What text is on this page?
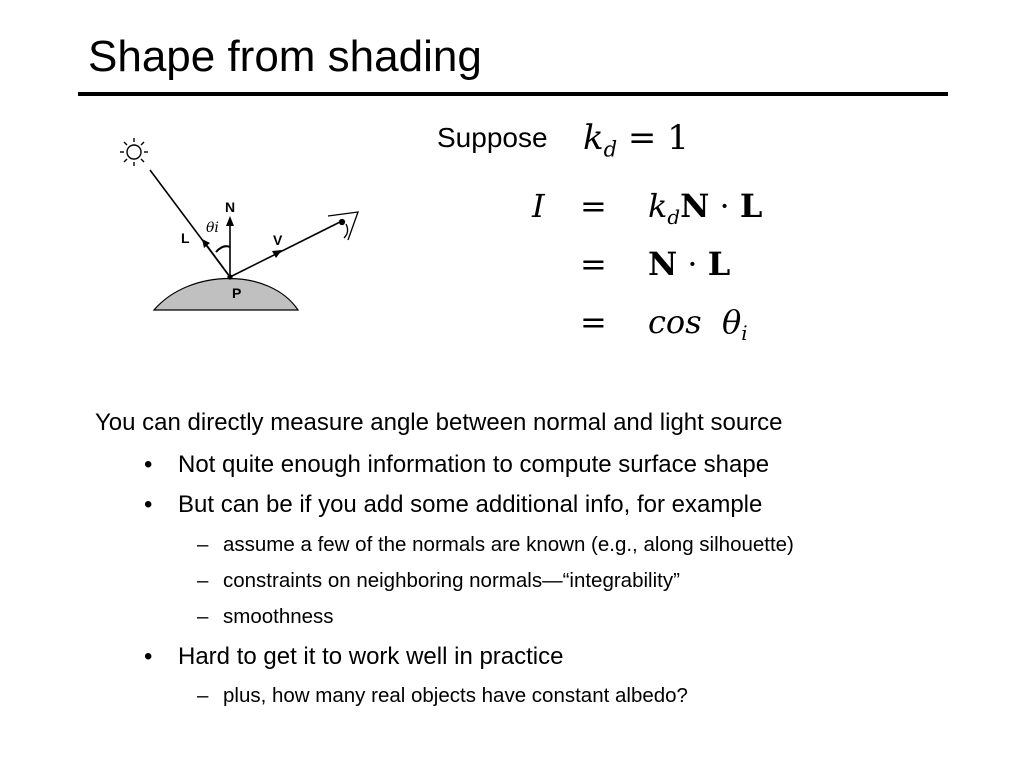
Shape from shading
L
N
V
P
θi
Suppose $k_d = 1$
$I = k_dN \cdot L$
= N · L
= $\cos \theta_i$
You can directly measure angle between normal and light source
• Not quite enough information to compute surface shape
• But can be if you add some additional info, for example
– assume a few of the normals are known (e.g., along silhouette)
– constraints on neighboring normals—“integrability”
– smoothness
• Hard to get it to work well in practice
– plus, how many real objects have constant albedo?
